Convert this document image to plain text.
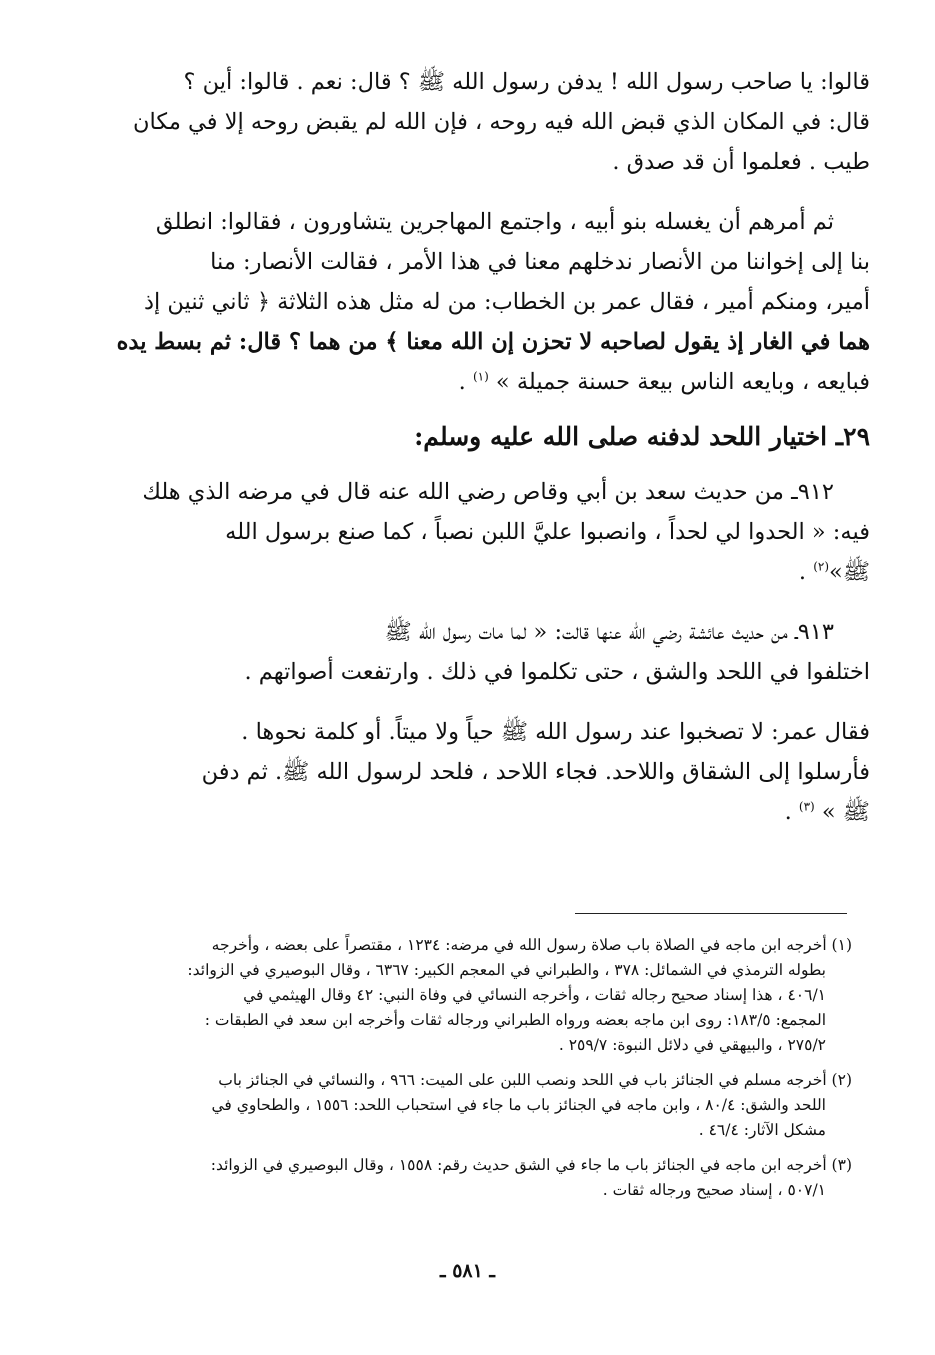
قالوا: يا صاحب رسول الله ! يدفن رسول الله ﷺ ؟ قال: نعم . قالوا: أين ؟
قال: في المكان الذي قبض الله فيه روحه ، فإن الله لم يقبض روحه إلا في مكان
طيب . فعلموا أن قد صدق .
ثم أمرهم أن يغسله بنو أبيه ، واجتمع المهاجرين يتشاورون ، فقالوا: انطلق
بنا إلى إخواننا من الأنصار ندخلهم معنا في هذا الأمر ، فقالت الأنصار: منا
أمير، ومنكم أمير ، فقال عمر بن الخطاب: من له مثل هذه الثلاثة ﴿ ثاني ثنين إذ
هما في الغار إذ يقول لصاحبه لا تحزن إن الله معنا ﴾ من هما ؟ قال: ثم بسط يده
فبايعه ، وبايعه الناس بيعة حسنة جميلة » $^{(١)}$ .
٢٩ـ اختيار اللحد لدفنه صلى الله عليه وسلم:
٩١٢ـ من حديث سعد بن أبي وقاص رضي الله عنه قال في مرضه الذي هلك
فيه: « الحدوا لي لحداً ، وانصبوا عليَّ اللبن نصباً ، كما صنع برسول الله
ﷺ»$^{(٢)}$ .
٩١٣ـ من حديث عائشة رضي الله عنها قالت: « لما مات رسول الله ﷺ
اختلفوا في اللحد والشق ، حتى تكلموا في ذلك . وارتفعت أصواتهم .
فقال عمر: لا تصخبوا عند رسول الله ﷺ حياً ولا ميتاً. أو كلمة نحوها .
فأرسلوا إلى الشقاق واللاحد. فجاء اللاحد ، فلحد لرسول الله ﷺ. ثم دفن
ﷺ » $^{(٣)}$ .
(١) أخرجه ابن ماجه في الصلاة باب صلاة رسول الله في مرضه: ١٢٣٤ ، مقتصراً على بعضه ، وأخرجه
بطوله الترمذي في الشمائل: ٣٧٨ ، والطبراني في المعجم الكبير: ٦٣٦٧ ، وقال البوصيري في الزوائد:
٤٠٦/١ ، هذا إسناد صحيح رجاله ثقات ، وأخرجه النسائي في وفاة النبي: ٤٢ وقال الهيثمي في
المجمع: ١٨٣/٥: روى ابن ماجه بعضه ورواه الطبراني ورجاله ثقات وأخرجه ابن سعد في الطبقات :
٢٧٥/٢ ، والبيهقي في دلائل النبوة: ٢٥٩/٧ .
(٢) أخرجه مسلم في الجنائز باب في اللحد ونصب اللبن على الميت: ٩٦٦ ، والنسائي في الجنائز باب
اللحد والشق: ٨٠/٤ ، وابن ماجه في الجنائز باب ما جاء في استحباب اللحد: ١٥٥٦ ، والطحاوي في
مشكل الآثار: ٤٦/٤ .
(٣) أخرجه ابن ماجه في الجنائز باب ما جاء في الشق حديث رقم: ١٥٥٨ ، وقال البوصيري في الزوائد:
٥٠٧/١ ، إسناد صحيح ورجاله ثقات .
ـ ٥٨١ ـ
